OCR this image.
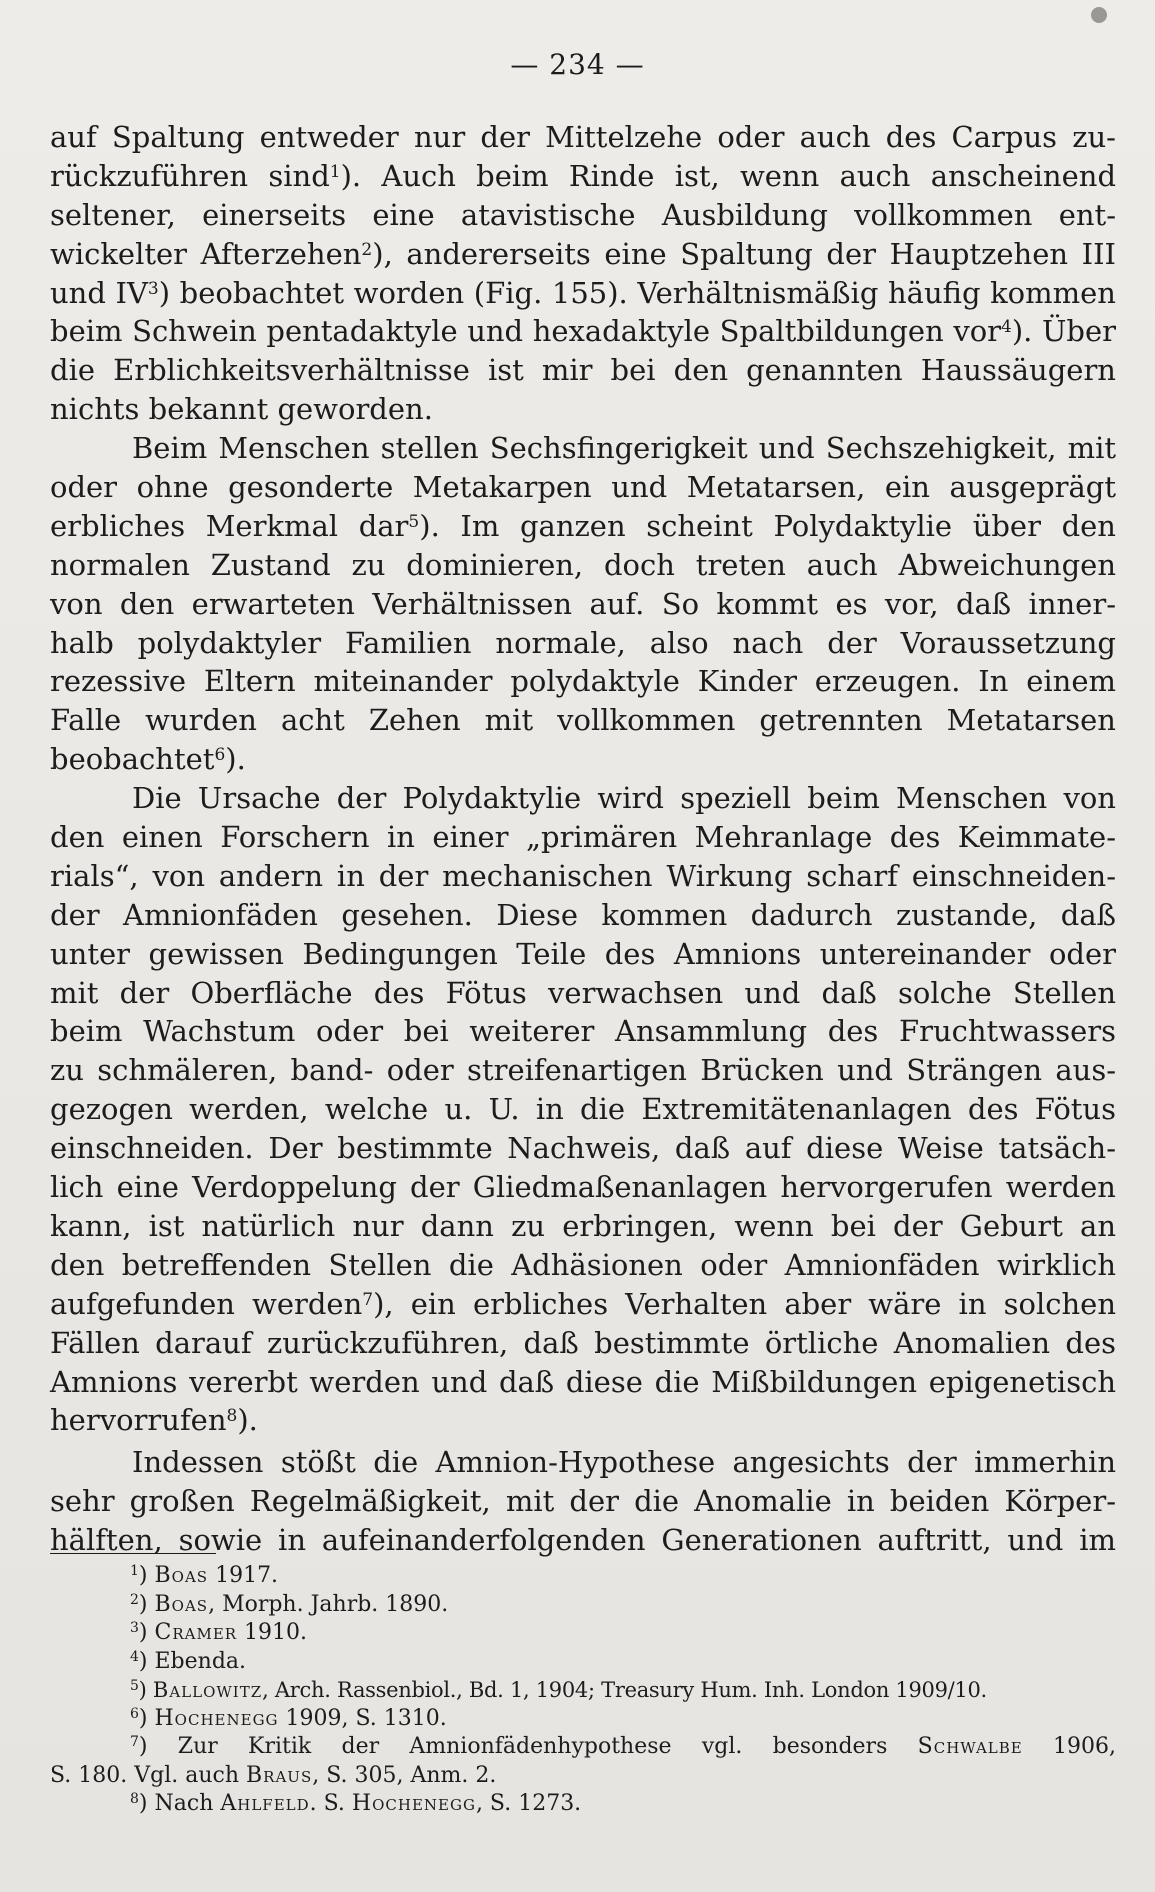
— 234 —
auf Spaltung entweder nur der Mittelzehe oder auch des Carpus zu-
rückzuführen sind$^1$). Auch beim Rinde ist, wenn auch anscheinend
seltener, einerseits eine atavistische Ausbildung vollkommen ent-
wickelter Afterzehen$^2$), andererseits eine Spaltung der Hauptzehen III
und $IV^3$) beobachtet worden (Fig. 155). Verhältnismäßig häufig kommen
beim Schwein pentadaktyle und hexadaktyle Spaltbildungen vor$^4$). Über
die Erblichkeitsverhältnisse ist mir bei den genannten Haussäugern
nichts bekannt geworden.
Beim Menschen stellen Sechsfingerigkeit und Sechszehigkeit, mit
oder ohne gesonderte Metakarpen und Metatarsen, ein ausgeprägt
erbliches Merkmal dar$^5$). Im ganzen scheint Polydaktylie über den
normalen Zustand zu dominieren, doch treten auch Abweichungen
von den erwarteten Verhältnissen auf. So kommt es vor, daß inner-
halb polydaktyler Familien normale, also nach der Voraussetzung
rezessive Eltern miteinander polydaktyle Kinder erzeugen. In einem
Falle wurden acht Zehen mit vollkommen getrennten Metatarsen
beobachtet$^6$).
Die Ursache der Polydaktylie wird speziell beim Menschen von
den einen Forschern in einer „primären Mehranlage des Keimmate-
rials“, von andern in der mechanischen Wirkung scharf einschneiden-
der Amnionfäden gesehen. Diese kommen dadurch zustande, daß
unter gewissen Bedingungen Teile des Amnions untereinander oder
mit der Oberfläche des Fötus verwachsen und daß solche Stellen
beim Wachstum oder bei weiterer Ansammlung des Fruchtwassers
zu schmäleren, band- oder streifenartigen Brücken und Strängen aus-
gezogen werden, welche u. U. in die Extremitätenanlagen des Fötus
einschneiden. Der bestimmte Nachweis, daß auf diese Weise tatsäch-
lich eine Verdoppelung der Gliedmaßenanlagen hervorgerufen werden
kann, ist natürlich nur dann zu erbringen, wenn bei der Geburt an
den betreffenden Stellen die Adhäsionen oder Amnionfäden wirklich
aufgefunden werden$^7$), ein erbliches Verhalten aber wäre in solchen
Fällen darauf zurückzuführen, daß bestimmte örtliche Anomalien des
Amnions vererbt werden und daß diese die Mißbildungen epigenetisch
hervorrufen$^8$).
Indessen stößt die Amnion-Hypothese angesichts der immerhin
sehr großen Regelmäßigkeit, mit der die Anomalie in beiden Körper-
hälften, sowie in aufeinanderfolgenden Generationen auftritt, und im
$^1$) Boas 1917.
$^2$) Boas, Morph. Jahrb. 1890.
$^3$) Cramer 1910.
$^4$) Ebenda.
$^5$) Ballowitz, Arch. Rassenbiol., Bd. 1, 1904; Treasury Hum. Inh. London 1909/10.
$^6$) Hochenegg 1909, S. 1310.
$^7$) Zur Kritik der Amnionfädenhypothese vgl. besonders Schwalbe 1906,
S. 180. Vgl. auch Braus, S. 305, Anm. 2.
$^8$) Nach Ahlfeld. S. Hochenegg, S. 1273.
